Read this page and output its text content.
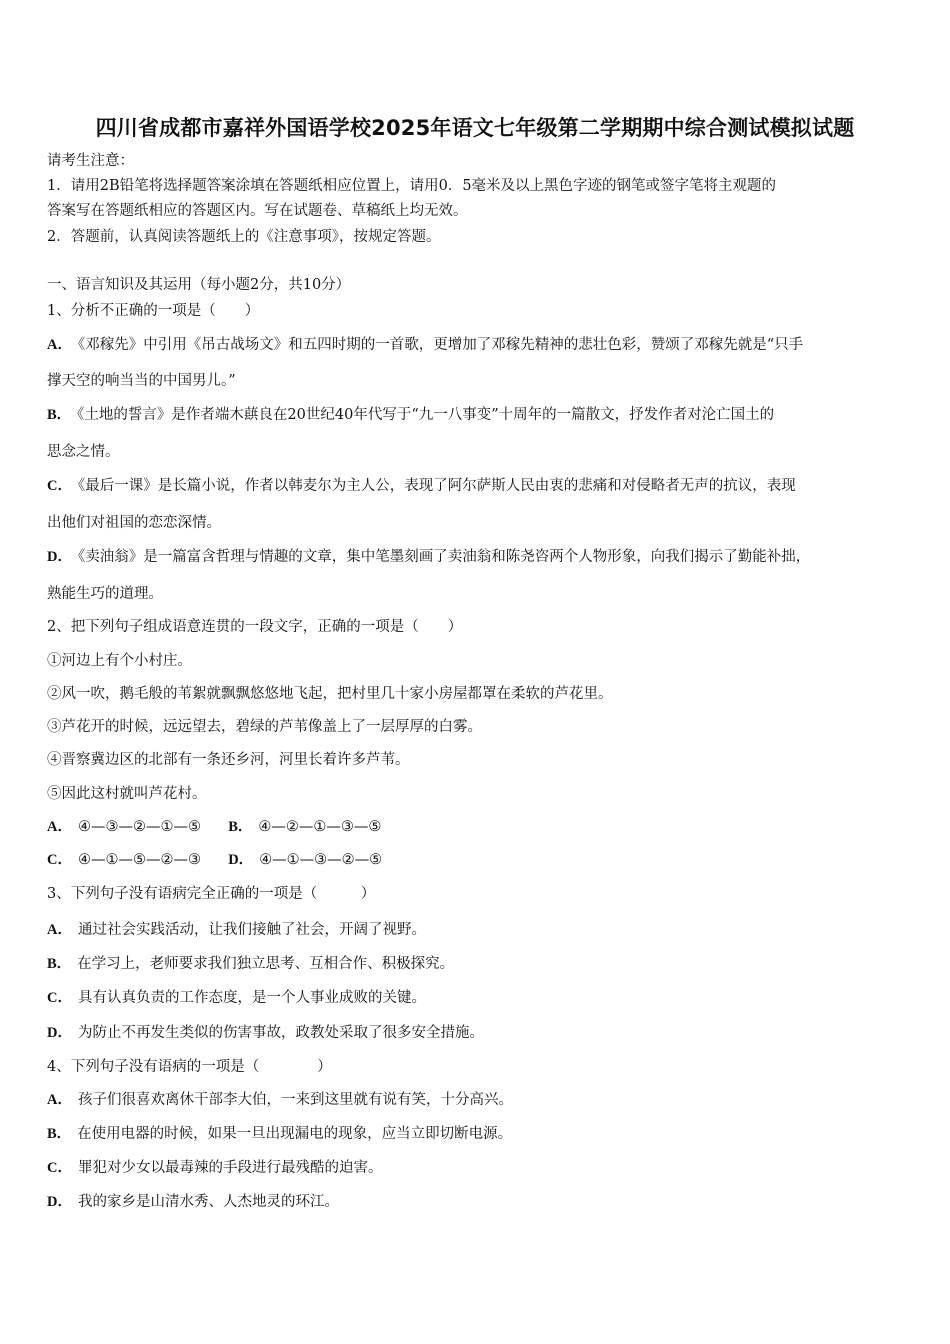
四川省成都市嘉祥外国语学校2025年语文七年级第二学期期中综合测试模拟试题
请考生注意：
1．请用2B铅笔将选择题答案涂填在答题纸相应位置上，请用0．5毫米及以上黑色字迹的钢笔或签字笔将主观题的
答案写在答题纸相应的答题区内。写在试题卷、草稿纸上均无效。
2．答题前，认真阅读答题纸上的《注意事项》，按规定答题。
一、语言知识及其运用（每小题2分，共10分）
1、分析不正确的一项是（　　）
A． 《邓稼先》中引用《吊古战场文》和五四时期的一首歌，更增加了邓稼先精神的悲壮色彩，赞颂了邓稼先就是“只手
撑天空的响当当的中国男儿。”
B． 《土地的誓言》是作者端木蕻良在20世纪40年代写于“九一八事变”十周年的一篇散文，抒发作者对沦亡国土的
思念之情。
C． 《最后一课》是长篇小说，作者以韩麦尔为主人公，表现了阿尔萨斯人民由衷的悲痛和对侵略者无声的抗议，表现
出他们对祖国的恋恋深情。
D． 《卖油翁》是一篇富含哲理与情趣的文章，集中笔墨刻画了卖油翁和陈尧咨两个人物形象，向我们揭示了勤能补拙，
熟能生巧的道理。
2、把下列句子组成语意连贯的一段文字，正确的一项是（　　）
①河边上有个小村庄。
②风一吹，鹅毛般的苇絮就飘飘悠悠地飞起，把村里几十家小房屋都罩在柔软的芦花里。
③芦花开的时候，远远望去，碧绿的芦苇像盖上了一层厚厚的白雾。
④晋察冀边区的北部有一条还乡河，河里长着许多芦苇。
⑤因此这村就叫芦花村。
A． ④—③—②—①—⑤ B． ④—②—①—③—⑤
C． ④—①—⑤—②—③ D． ④—①—③—②—⑤
3、下列句子没有语病完全正确的一项是（　　　）
A． 通过社会实践活动，让我们接触了社会，开阔了视野。
B． 在学习上，老师要求我们独立思考、互相合作、积极探究。
C． 具有认真负责的工作态度，是一个人事业成败的关键。
D． 为防止不再发生类似的伤害事故，政教处采取了很多安全措施。
4、下列句子没有语病的一项是（　　　　）
A． 孩子们很喜欢离休干部李大伯，一来到这里就有说有笑，十分高兴。
B． 在使用电器的时候，如果一旦出现漏电的现象，应当立即切断电源。
C． 罪犯对少女以最毒辣的手段进行最残酷的迫害。
D． 我的家乡是山清水秀、人杰地灵的环江。
